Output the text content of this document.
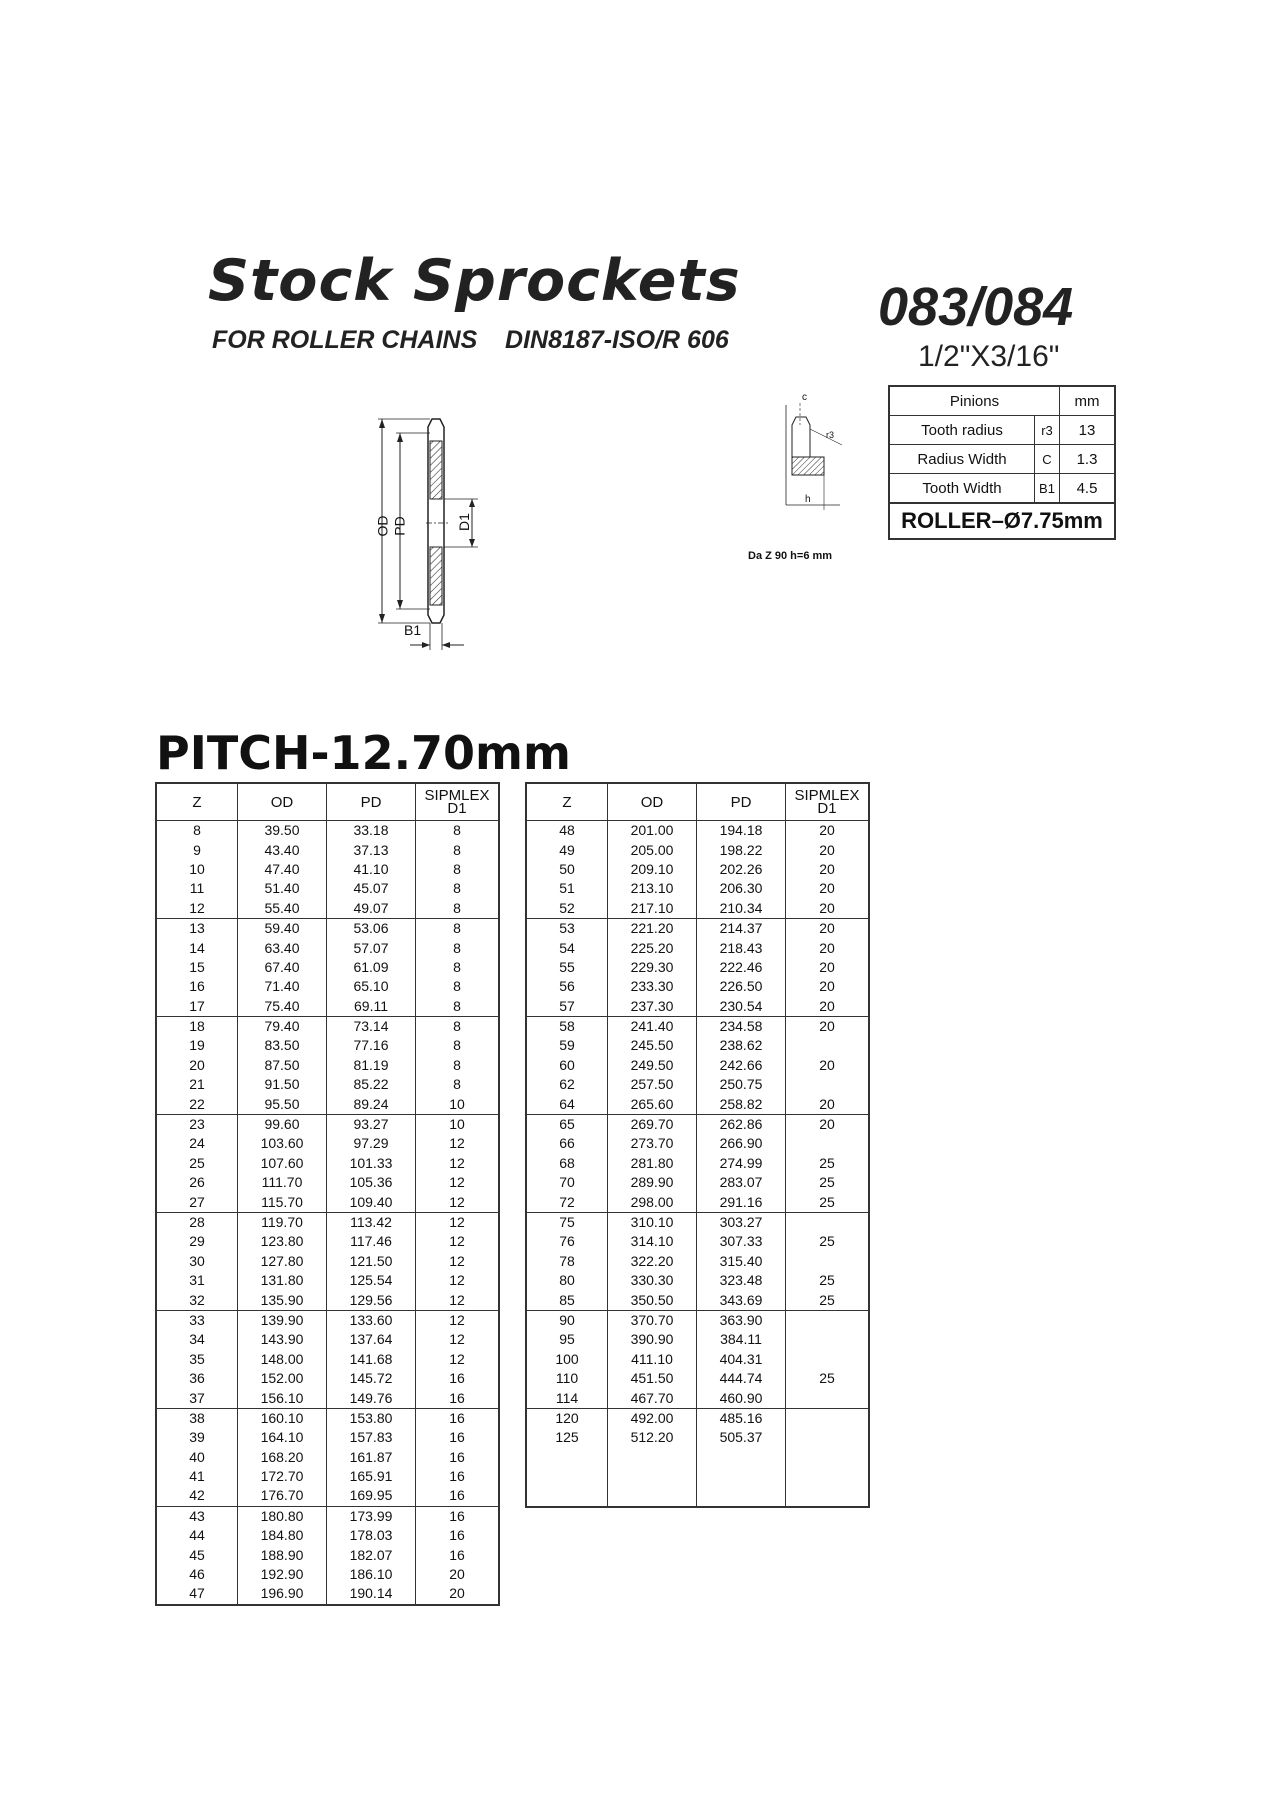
Stock Sprockets
FOR ROLLER CHAINS    DIN8187-ISO/R 606
083/084
1/2"X3/16"
Pinions		mm
Tooth radius	r3	13
Radius Width	C	1.3
Tooth Width	B1	4.5
ROLLER–Ø7.75mm		
OD PD	D1
B1
c
r3
h
Da Z 90 h=6 mm
PITCH-12.70mm
Z	OD	PD	SIPMLEX
D1

8	39.50	33.18	8
9	43.40	37.13	8
10	47.40	41.10	8
11	51.40	45.07	8
12	55.40	49.07	8
13	59.40	53.06	8
14	63.40	57.07	8
15	67.40	61.09	8
16	71.40	65.10	8
17	75.40	69.11	8
18	79.40	73.14	8
19	83.50	77.16	8
20	87.50	81.19	8
21	91.50	85.22	8
22	95.50	89.24	10
23	99.60	93.27	10
24	103.60	97.29	12
25	107.60	101.33	12
26	111.70	105.36	12
27	115.70	109.40	12
28	119.70	113.42	12
29	123.80	117.46	12
30	127.80	121.50	12
31	131.80	125.54	12
32	135.90	129.56	12
33	139.90	133.60	12
34	143.90	137.64	12
35	148.00	141.68	12
36	152.00	145.72	16
37	156.10	149.76	16
38	160.10	153.80	16
39	164.10	157.83	16
40	168.20	161.87	16
41	172.70	165.91	16
42	176.70	169.95	16
43	180.80	173.99	16
44	184.80	178.03	16
45	188.90	182.07	16
46	192.90	186.10	20
47	196.90	190.14	20
Z	OD	PD	SIPMLEX
D1

48	201.00	194.18	20
49	205.00	198.22	20
50	209.10	202.26	20
51	213.10	206.30	20
52	217.10	210.34	20
53	221.20	214.37	20
54	225.20	218.43	20
55	229.30	222.46	20
56	233.30	226.50	20
57	237.30	230.54	20
58	241.40	234.58	20
59	245.50	238.62	
60	249.50	242.66	20
62	257.50	250.75	
64	265.60	258.82	20
65	269.70	262.86	20
66	273.70	266.90	
68	281.80	274.99	25
70	289.90	283.07	25
72	298.00	291.16	25
75	310.10	303.27	
76	314.10	307.33	25
78	322.20	315.40	
80	330.30	323.48	25
85	350.50	343.69	25
90	370.70	363.90	
95	390.90	384.11	
100	411.10	404.31	
110	451.50	444.74	25
114	467.70	460.90	
120	492.00	485.16	
125	512.20	505.37	
